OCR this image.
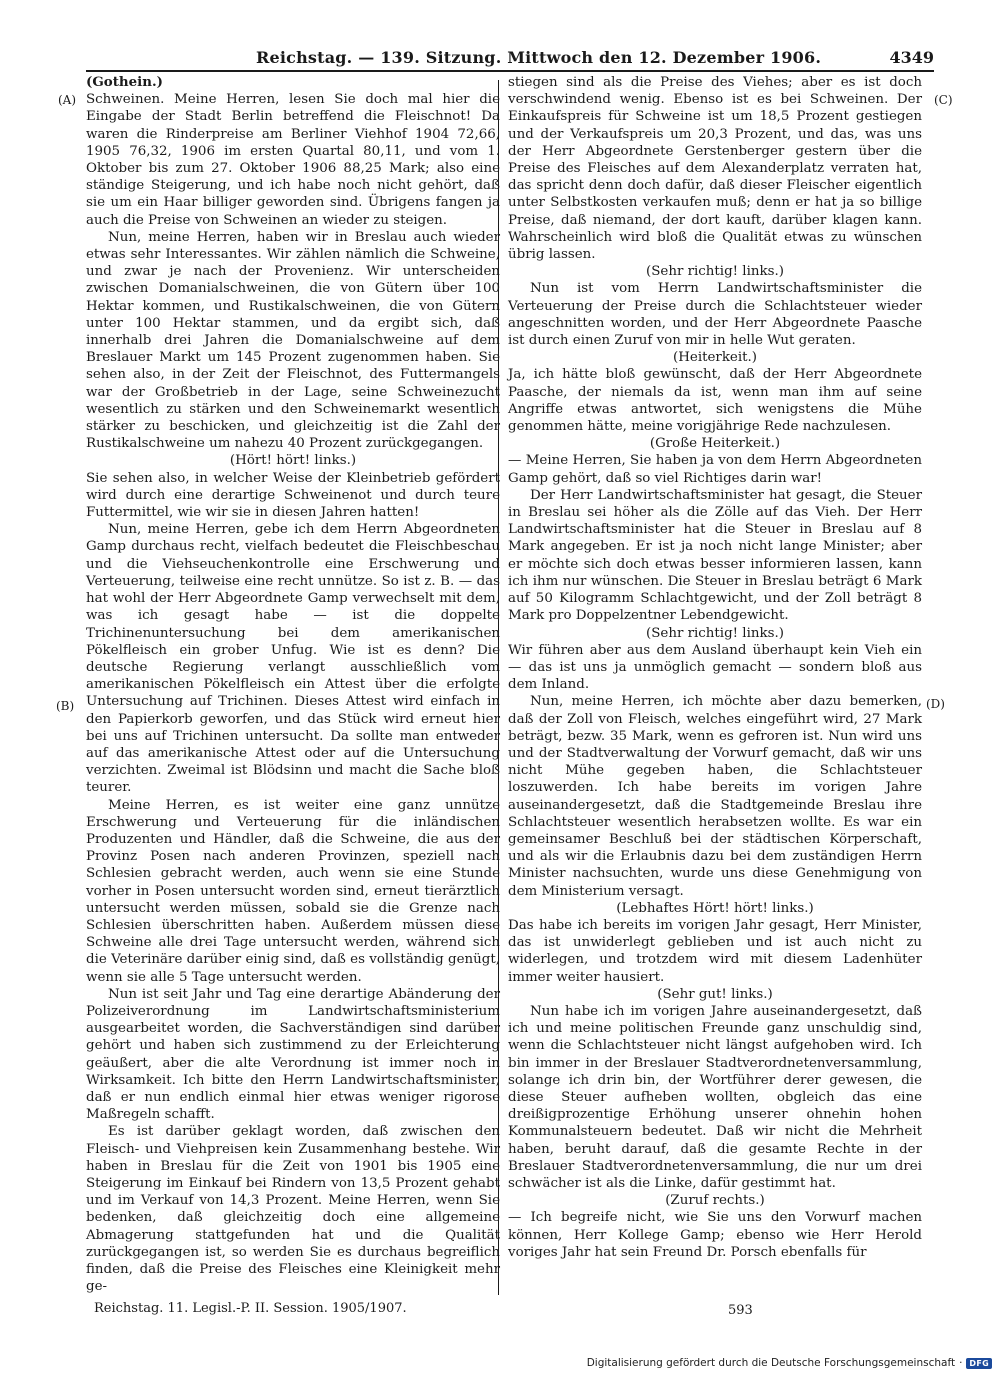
Reichstag. — 139. Sitzung. Mittwoch den 12. Dezember 1906.	4349
(A)
(B)
(C)
(D)

(Gothein.)

Schweinen. Meine Herren, lesen Sie doch mal hier die Eingabe der Stadt Berlin betreffend die Fleischnot! Da waren die Rinderpreise am Berliner Viehhof 1904 72,66, 1905 76,32, 1906 im ersten Quartal 80,11, und vom 1. Oktober bis zum 27. Oktober 1906 88,25 Mark; also eine ständige Steigerung, und ich habe noch nicht gehört, daß sie um ein Haar billiger geworden sind. Übrigens fangen ja auch die Preise von Schweinen an wieder zu steigen.

Nun, meine Herren, haben wir in Breslau auch wieder etwas sehr Interessantes. Wir zählen nämlich die Schweine, und zwar je nach der Provenienz. Wir unterscheiden zwischen Domanialschweinen, die von Gütern über 100 Hektar kommen, und Rustikalschweinen, die von Gütern unter 100 Hektar stammen, und da ergibt sich, daß innerhalb drei Jahren die Domanialschweine auf dem Breslauer Markt um 145 Prozent zugenommen haben. Sie sehen also, in der Zeit der Fleischnot, des Futtermangels war der Großbetrieb in der Lage, seine Schweinezucht wesentlich zu stärken und den Schweinemarkt wesentlich stärker zu beschicken, und gleichzeitig ist die Zahl der Rustikalschweine um nahezu 40 Prozent zurückgegangen.

(Hört! hört! links.)

Sie sehen also, in welcher Weise der Kleinbetrieb gefördert wird durch eine derartige Schweinenot und durch teure Futtermittel, wie wir sie in diesen Jahren hatten!

Nun, meine Herren, gebe ich dem Herrn Abgeordneten Gamp durchaus recht, vielfach bedeutet die Fleischbeschau und die Viehseuchenkontrolle eine Erschwerung und Verteuerung, teilweise eine recht unnütze. So ist z. B. — das hat wohl der Herr Abgeordnete Gamp verwechselt mit dem, was ich gesagt habe — ist die doppelte Trichinenuntersuchung bei dem amerikanischen Pökelfleisch ein grober Unfug. Wie ist es denn? Die deutsche Regierung verlangt ausschließlich vom amerikanischen Pökelfleisch ein Attest über die erfolgte Untersuchung auf Trichinen. Dieses Attest wird einfach in den Papierkorb geworfen, und das Stück wird erneut hier bei uns auf Trichinen untersucht. Da sollte man entweder auf das amerikanische Attest oder auf die Untersuchung verzichten. Zweimal ist Blödsinn und macht die Sache bloß teurer.

Meine Herren, es ist weiter eine ganz unnütze Erschwerung und Verteuerung für die inländischen Produzenten und Händler, daß die Schweine, die aus der Provinz Posen nach anderen Provinzen, speziell nach Schlesien gebracht werden, auch wenn sie eine Stunde vorher in Posen untersucht worden sind, erneut tierärztlich untersucht werden müssen, sobald sie die Grenze nach Schlesien überschritten haben. Außerdem müssen diese Schweine alle drei Tage untersucht werden, während sich die Veterinäre darüber einig sind, daß es vollständig genügt, wenn sie alle 5 Tage untersucht werden.

Nun ist seit Jahr und Tag eine derartige Abänderung der Polizeiverordnung im Landwirtschaftsministerium ausgearbeitet worden, die Sachverständigen sind darüber gehört und haben sich zustimmend zu der Erleichterung geäußert, aber die alte Verordnung ist immer noch in Wirksamkeit. Ich bitte den Herrn Landwirtschaftsminister, daß er nun endlich einmal hier etwas weniger rigorose Maßregeln schafft.

Es ist darüber geklagt worden, daß zwischen den Fleisch- und Viehpreisen kein Zusammenhang bestehe. Wir haben in Breslau für die Zeit von 1901 bis 1905 eine Steigerung im Einkauf bei Rindern von 13,5 Prozent gehabt und im Verkauf von 14,3 Prozent. Meine Herren, wenn Sie bedenken, daß gleichzeitig doch eine allgemeine Abmagerung stattgefunden hat und die Qualität zurückgegangen ist, so werden Sie es durchaus begreiflich finden, daß die Preise des Fleisches eine Kleinigkeit mehr ge-

stiegen sind als die Preise des Viehes; aber es ist doch verschwindend wenig. Ebenso ist es bei Schweinen. Der Einkaufspreis für Schweine ist um 18,5 Prozent gestiegen und der Verkaufspreis um 20,3 Prozent, und das, was uns der Herr Abgeordnete Gerstenberger gestern über die Preise des Fleisches auf dem Alexanderplatz verraten hat, das spricht denn doch dafür, daß dieser Fleischer eigentlich unter Selbstkosten verkaufen muß; denn er hat ja so billige Preise, daß niemand, der dort kauft, darüber klagen kann. Wahrscheinlich wird bloß die Qualität etwas zu wünschen übrig lassen.

(Sehr richtig! links.)

Nun ist vom Herrn Landwirtschaftsminister die Verteuerung der Preise durch die Schlachtsteuer wieder angeschnitten worden, und der Herr Abgeordnete Paasche ist durch einen Zuruf von mir in helle Wut geraten.

(Heiterkeit.)

Ja, ich hätte bloß gewünscht, daß der Herr Abgeordnete Paasche, der niemals da ist, wenn man ihm auf seine Angriffe etwas antwortet, sich wenigstens die Mühe genommen hätte, meine vorigjährige Rede nachzulesen.

(Große Heiterkeit.)

— Meine Herren, Sie haben ja von dem Herrn Abgeordneten Gamp gehört, daß so viel Richtiges darin war!

Der Herr Landwirtschaftsminister hat gesagt, die Steuer in Breslau sei höher als die Zölle auf das Vieh. Der Herr Landwirtschaftsminister hat die Steuer in Breslau auf 8 Mark angegeben. Er ist ja noch nicht lange Minister; aber er möchte sich doch etwas besser informieren lassen, kann ich ihm nur wünschen. Die Steuer in Breslau beträgt 6 Mark auf 50 Kilogramm Schlachtgewicht, und der Zoll beträgt 8 Mark pro Doppelzentner Lebendgewicht.

(Sehr richtig! links.)

Wir führen aber aus dem Ausland überhaupt kein Vieh ein — das ist uns ja unmöglich gemacht — sondern bloß aus dem Inland.

Nun, meine Herren, ich möchte aber dazu bemerken, daß der Zoll von Fleisch, welches eingeführt wird, 27 Mark beträgt, bezw. 35 Mark, wenn es gefroren ist. Nun wird uns und der Stadtverwaltung der Vorwurf gemacht, daß wir uns nicht Mühe gegeben haben, die Schlachtsteuer loszuwerden. Ich habe bereits im vorigen Jahre auseinandergesetzt, daß die Stadtgemeinde Breslau ihre Schlachtsteuer wesentlich herabsetzen wollte. Es war ein gemeinsamer Beschluß bei der städtischen Körperschaft, und als wir die Erlaubnis dazu bei dem zuständigen Herrn Minister nachsuchten, wurde uns diese Genehmigung von dem Ministerium versagt.

(Lebhaftes Hört! hört! links.)

Das habe ich bereits im vorigen Jahr gesagt, Herr Minister, das ist unwiderlegt geblieben und ist auch nicht zu widerlegen, und trotzdem wird mit diesem Ladenhüter immer weiter hausiert.

(Sehr gut! links.)

Nun habe ich im vorigen Jahre auseinandergesetzt, daß ich und meine politischen Freunde ganz unschuldig sind, wenn die Schlachtsteuer nicht längst aufgehoben wird. Ich bin immer in der Breslauer Stadtverordnetenversammlung, solange ich drin bin, der Wortführer derer gewesen, die diese Steuer aufheben wollten, obgleich das eine dreißigprozentige Erhöhung unserer ohnehin hohen Kommunalsteuern bedeutet. Daß wir nicht die Mehrheit haben, beruht darauf, daß die gesamte Rechte in der Breslauer Stadtverordnetenversammlung, die nur um drei schwächer ist als die Linke, dafür gestimmt hat.

(Zuruf rechts.)

— Ich begreife nicht, wie Sie uns den Vorwurf machen können, Herr Kollege Gamp; ebenso wie Herr Herold voriges Jahr hat sein Freund Dr. Porsch ebenfalls für

Reichstag. 11. Legisl.-P. II. Session. 1905/1907.	593
Digitalisierung gefördert durch die Deutsche Forschungsgemeinschaft · DFG
